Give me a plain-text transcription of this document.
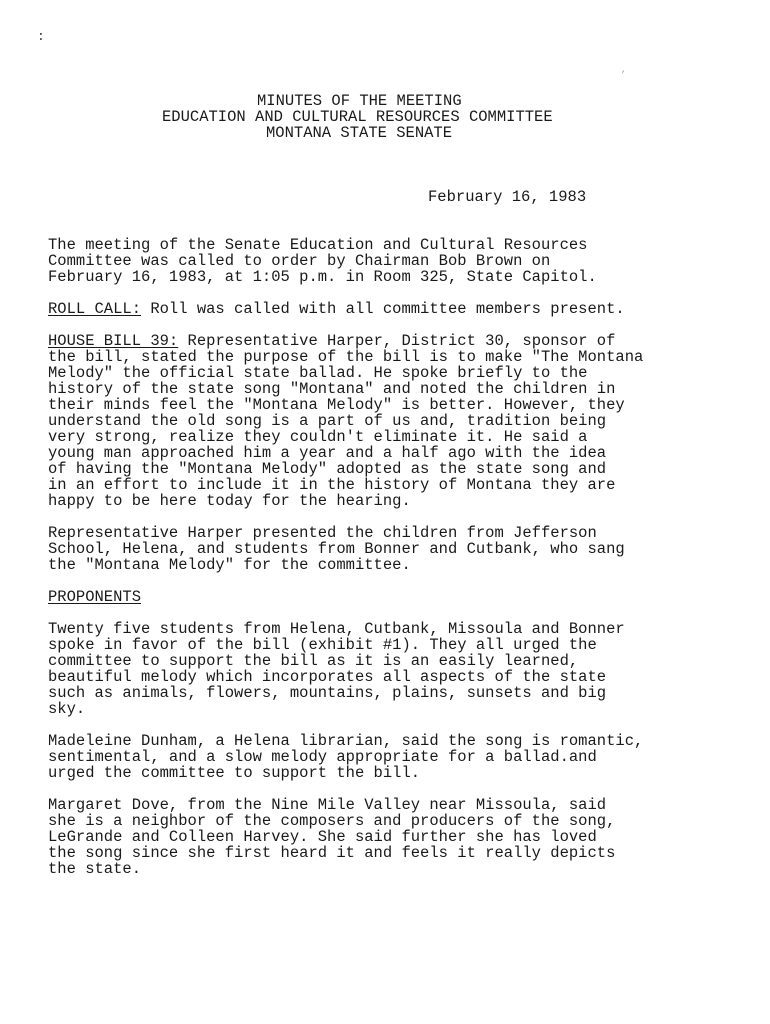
:
,
MINUTES OF THE MEETING
EDUCATION AND CULTURAL RESOURCES COMMITTEE
MONTANA STATE SENATE
February 16, 1983

The meeting of the Senate Education and Cultural Resources
Committee was called to order by Chairman Bob Brown on
February 16, 1983, at 1:05 p.m. in Room 325, State Capitol.

ROLL CALL: Roll was called with all committee members present.

HOUSE BILL 39: Representative Harper, District 30, sponsor of
the bill, stated the purpose of the bill is to make "The Montana
Melody" the official state ballad. He spoke briefly to the
history of the state song "Montana" and noted the children in
their minds feel the "Montana Melody" is better. However, they
understand the old song is a part of us and, tradition being
very strong, realize they couldn't eliminate it. He said a
young man approached him a year and a half ago with the idea
of having the "Montana Melody" adopted as the state song and
in an effort to include it in the history of Montana they are
happy to be here today for the hearing.

Representative Harper presented the children from Jefferson
School, Helena, and students from Bonner and Cutbank, who sang
the "Montana Melody" for the committee.

PROPONENTS

Twenty five students from Helena, Cutbank, Missoula and Bonner
spoke in favor of the bill (exhibit #1). They all urged the
committee to support the bill as it is an easily learned,
beautiful melody which incorporates all aspects of the state
such as animals, flowers, mountains, plains, sunsets and big
sky.

Madeleine Dunham, a Helena librarian, said the song is romantic,
sentimental, and a slow melody appropriate for a ballad.and
urged the committee to support the bill.

Margaret Dove, from the Nine Mile Valley near Missoula, said
she is a neighbor of the composers and producers of the song,
LeGrande and Colleen Harvey. She said further she has loved
the song since she first heard it and feels it really depicts
the state.
